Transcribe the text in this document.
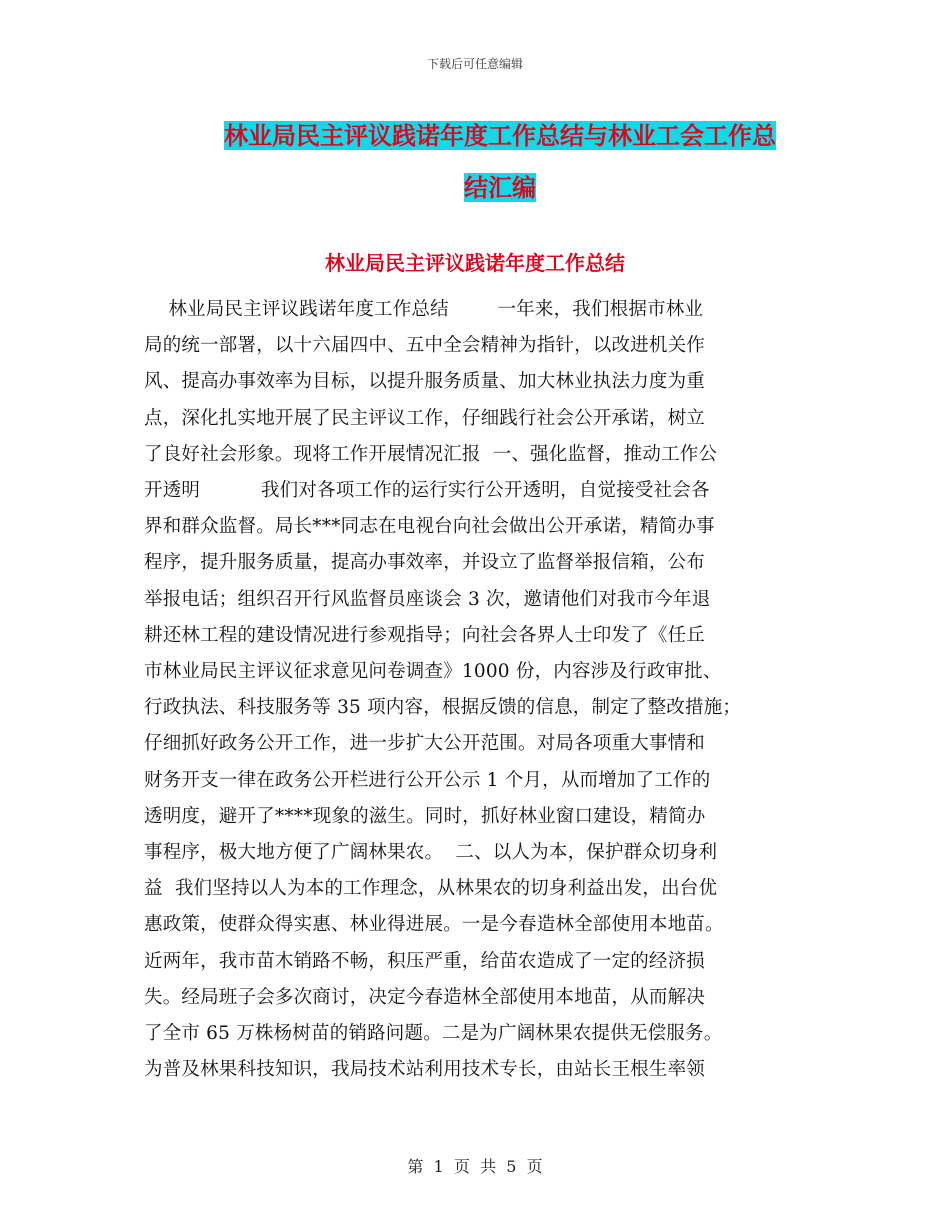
下载后可任意编辑
林业局民主评议践诺年度工作总结与林业工会工作总
结汇编
林业局民主评议践诺年度工作总结
林业局民主评议践诺年度工作总结        一年来，我们根据市林业
局的统一部署，以十六届四中、五中全会精神为指针，以改进机关作
风、提高办事效率为目标，以提升服务质量、加大林业执法力度为重
点，深化扎实地开展了民主评议工作，仔细践行社会公开承诺，树立
了良好社会形象。现将工作开展情况汇报  一、强化监督，推动工作公
开透明          我们对各项工作的运行实行公开透明，自觉接受社会各
界和群众监督。局长***同志在电视台向社会做出公开承诺，精简办事
程序，提升服务质量，提高办事效率，并设立了监督举报信箱，公布
举报电话；组织召开行风监督员座谈会 3 次，邀请他们对我市今年退
耕还林工程的建设情况进行参观指导；向社会各界人士印发了《任丘
市林业局民主评议征求意见问卷调查》1000 份，内容涉及行政审批、
行政执法、科技服务等 35 项内容，根据反馈的信息，制定了整改措施；
仔细抓好政务公开工作，进一步扩大公开范围。对局各项重大事情和
财务开支一律在政务公开栏进行公开公示 1 个月，从而增加了工作的
透明度，避开了****现象的滋生。同时，抓好林业窗口建设，精简办
事程序，极大地方便了广阔林果农。  二、以人为本，保护群众切身利
益  我们坚持以人为本的工作理念，从林果农的切身利益出发，出台优
惠政策，使群众得实惠、林业得进展。一是今春造林全部使用本地苗。
近两年，我市苗木销路不畅，积压严重，给苗农造成了一定的经济损
失。经局班子会多次商讨，决定今春造林全部使用本地苗，从而解决
了全市 65 万株杨树苗的销路问题。二是为广阔林果农提供无偿服务。
为普及林果科技知识，我局技术站利用技术专长，由站长王根生率领
第  1  页  共  5  页
